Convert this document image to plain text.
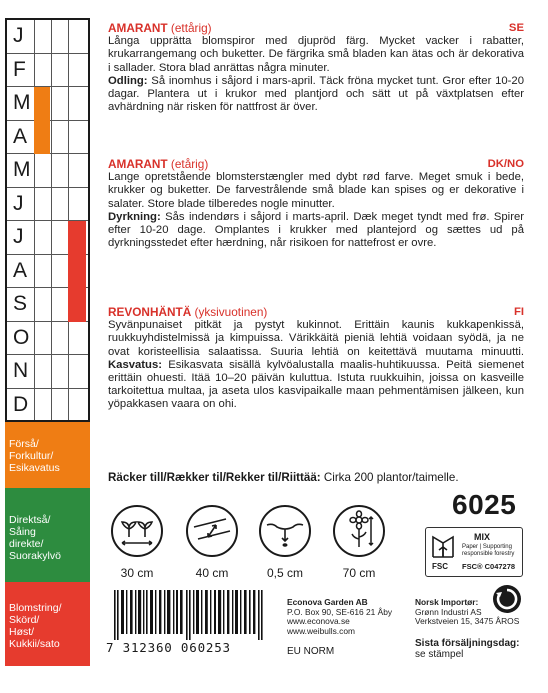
J
F
M
A
M
J
J
A
S
O
N
D
Förså/
Forkultur/
Esikavatus
Direktså/
Såing
direkte/
Suorakylvö
Blomstring/
Skörd/
Høst/
Kukkii/sato
AMARANT (ettårig)	SE

Långa upprätta blomspiror med djupröd färg. Mycket vacker i rabatter, krukarrangemang och buketter. De färgrika små bladen kan ätas och är dekorativa i sallader. Stora blad anrättas några minuter.
Odling: Så inomhus i såjord i mars-april. Täck fröna mycket tunt. Gror efter 10-20 dagar. Plantera ut i krukor med plantjord och sätt ut på växtplatsen efter avhärdning när risken för nattfrost är över.

AMARANT (etårig)	DK/NO

Lange opretstående blomsterstængler med dybt rød farve. Meget smuk i bede, krukker og buketter. De farvestrålende små blade kan spises og er dekorative i salater. Store blade tilberedes nogle minutter.
Dyrkning: Sås indendørs i såjord i marts-april. Dæk meget tyndt med frø. Spirer efter 10-20 dage. Omplantes i krukker med plantejord og sættes ud på dyrkningsstedet efter hærdning, når risikoen for nattefrost er ovre.

REVONHÄNTÄ (yksivuotinen)	FI

Syvänpunaiset pitkät ja pystyt kukinnot. Erittäin kaunis kukkapenkissä, ruukkuyhdistelmissä ja kimpuissa. Värikkäitä pieniä lehtiä voidaan syödä, ja ne ovat koristeellisia salaatissa. Suuria lehtiä on keitettävä muutama minuutti. Kasvatus: Esikasvata sisällä kylvöalustalla maalis-huhtikuussa. Peitä siemenet erittäin ohuesti. Itää 10–20 päivän kuluttua. Istuta ruukkuihin, joissa on kasveille tarkoitettua multaa, ja aseta ulos kasvipaikalle maan pehmentämisen jälkeen, kun yöpakkasen vaara on ohi.

Räcker till/Rækker til/Rekker til/Riittää: Cirka 200 plantor/taimelle.
6025
30 cm	40 cm	0,5 cm	70 cm	FSC
MIX
Paper | Supporting
responsible forestry
FSC® C047278
Econova Garden AB
P.O. Box 90, SE-616 21 Åby
www.econova.se
www.weibulls.com
Norsk Importør:
Grønn Industri AS
Verkstveien 15, 3475 ÅROS
Sista försäljningsdag:
se stämpel
7 312360 060253	EU NORM
